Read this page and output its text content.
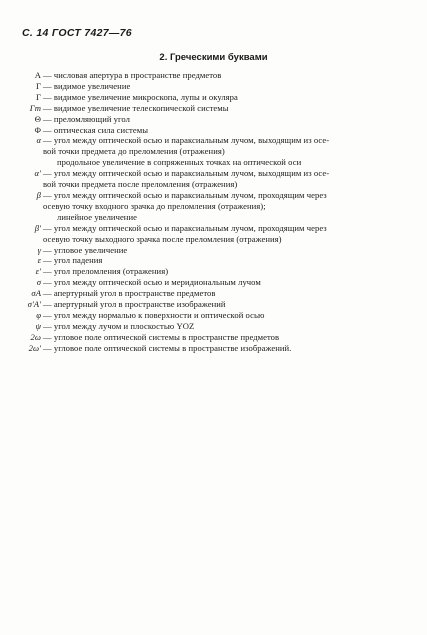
С. 14 ГОСТ 7427—76
2. Греческими буквами
A — числовая апертура в пространстве предметов
Г — видимое увеличение
Г — видимое увеличение микроскопа, лупы и окуляра
Гт — видимое увеличение телескопической системы
Θ — преломляющий угол
Φ — оптическая сила системы
α — угол между оптической осью и параксиальным лучом, выходящим из осе-
вой точки предмета до преломления (отражения)
продольное увеличение в сопряженных точках на оптической оси
α' — угол между оптической осью и параксиальным лучом, выходящим из осе-
вой точки предмета после преломления (отражения)
β — угол между оптической осью и параксиальным лучом, проходящим через
осевую точку входного зрачка до преломления (отражения);
линейное увеличение
β' — угол между оптической осью и параксиальным лучом, проходящим через
осевую точку выходного зрачка после преломления (отражения)
γ — угловое увеличение
ε — угол падения
ε' — угол преломления (отражения)
σ — угол между оптической осью и меридиональным лучом
σA — апертурный угол в пространстве предметов
σ'A' — апертурный угол в пространстве изображений
φ — угол между нормалью к поверхности и оптической осью
ψ — угол между лучом и плоскостью YOZ
2ω — угловое поле оптической системы в пространстве предметов
2ω' — угловое поле оптической системы в пространстве изображений.
